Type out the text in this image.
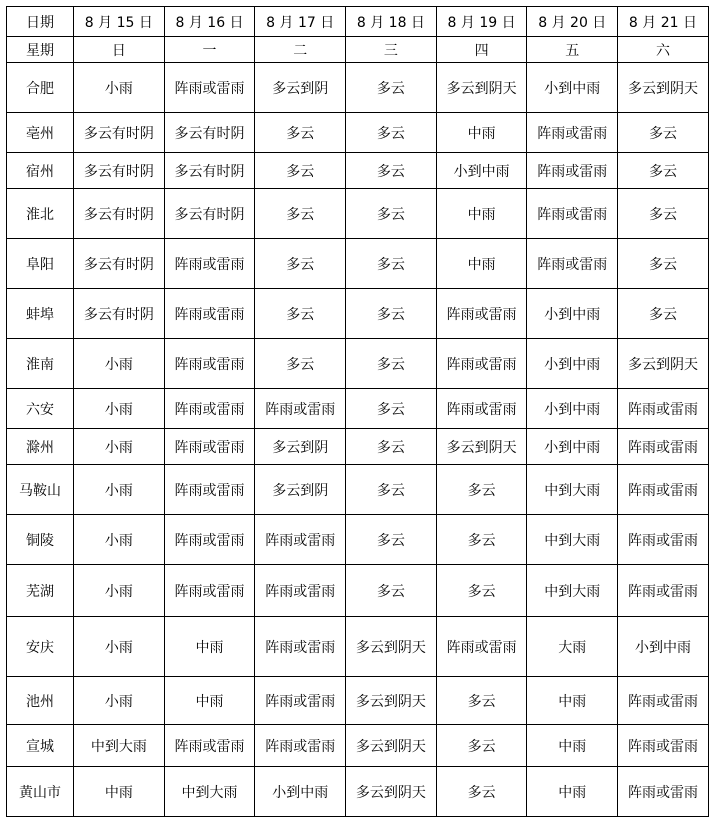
日期	8 月 15 日	8 月 16 日	8 月 17 日	8 月 18 日	8 月 19 日	8 月 20 日	8 月 21 日
星期	日	一	二	三	四	五	六
合肥	小雨	阵雨或雷雨	多云到阴	多云	多云到阴天	小到中雨	多云到阴天
亳州	多云有时阴	多云有时阴	多云	多云	中雨	阵雨或雷雨	多云
宿州	多云有时阴	多云有时阴	多云	多云	小到中雨	阵雨或雷雨	多云
淮北	多云有时阴	多云有时阴	多云	多云	中雨	阵雨或雷雨	多云
阜阳	多云有时阴	阵雨或雷雨	多云	多云	中雨	阵雨或雷雨	多云
蚌埠	多云有时阴	阵雨或雷雨	多云	多云	阵雨或雷雨	小到中雨	多云
淮南	小雨	阵雨或雷雨	多云	多云	阵雨或雷雨	小到中雨	多云到阴天
六安	小雨	阵雨或雷雨	阵雨或雷雨	多云	阵雨或雷雨	小到中雨	阵雨或雷雨
滁州	小雨	阵雨或雷雨	多云到阴	多云	多云到阴天	小到中雨	阵雨或雷雨
马鞍山	小雨	阵雨或雷雨	多云到阴	多云	多云	中到大雨	阵雨或雷雨
铜陵	小雨	阵雨或雷雨	阵雨或雷雨	多云	多云	中到大雨	阵雨或雷雨
芜湖	小雨	阵雨或雷雨	阵雨或雷雨	多云	多云	中到大雨	阵雨或雷雨
安庆	小雨	中雨	阵雨或雷雨	多云到阴天	阵雨或雷雨	大雨	小到中雨
池州	小雨	中雨	阵雨或雷雨	多云到阴天	多云	中雨	阵雨或雷雨
宣城	中到大雨	阵雨或雷雨	阵雨或雷雨	多云到阴天	多云	中雨	阵雨或雷雨
黄山市	中雨	中到大雨	小到中雨	多云到阴天	多云	中雨	阵雨或雷雨
